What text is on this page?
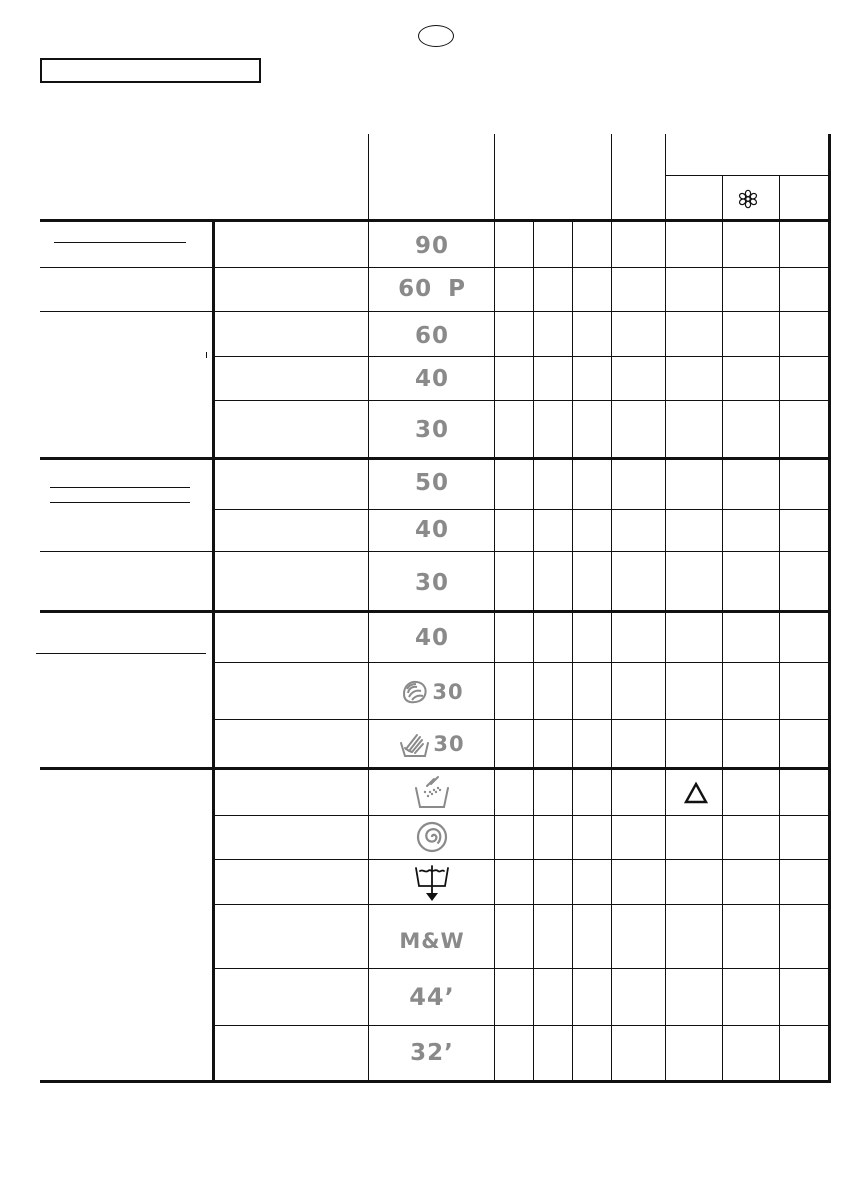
90
60 P
60
40
30
50
40
30
40
30
30
M&W
44’
32’
